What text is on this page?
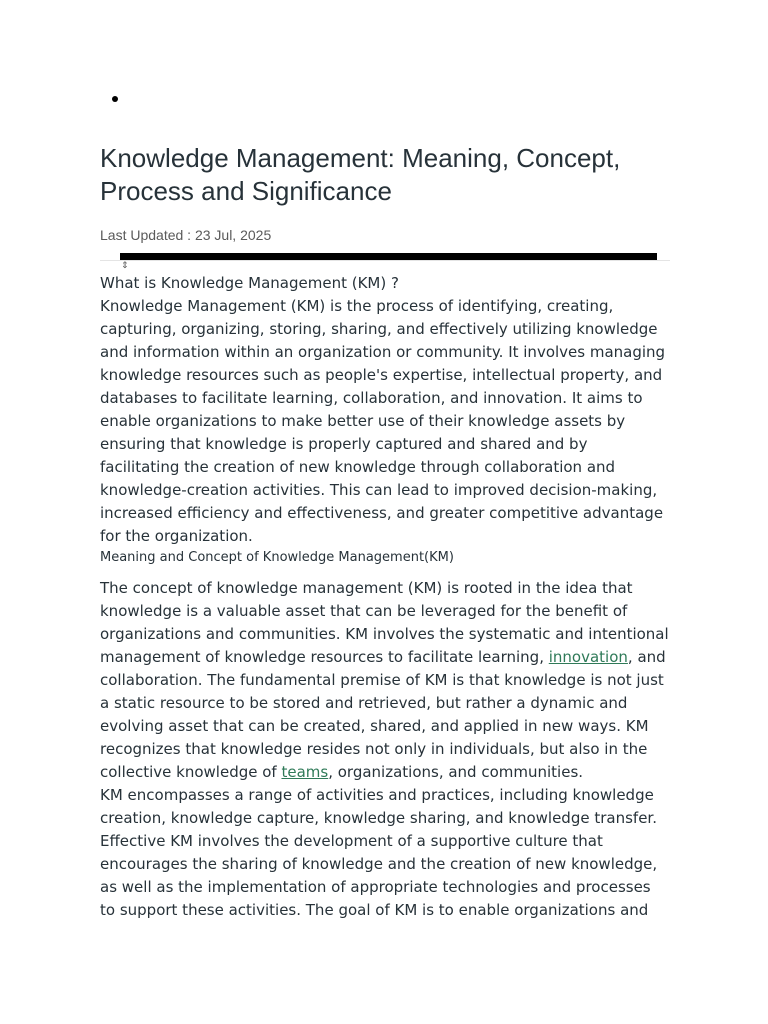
Knowledge Management: Meaning, Concept, Process and Significance
Last Updated : 23 Jul, 2025
⇕
What is Knowledge Management (KM) ?

Knowledge Management (KM) is the process of identifying, creating, capturing, organizing, storing, sharing, and effectively utilizing knowledge and information within an organization or community. It involves managing knowledge resources such as people's expertise, intellectual property, and databases to facilitate learning, collaboration, and innovation. It aims to enable organizations to make better use of their knowledge assets by ensuring that knowledge is properly captured and shared and by facilitating the creation of new knowledge through collaboration and knowledge-creation activities. This can lead to improved decision-making, increased efficiency and effectiveness, and greater competitive advantage for the organization.

Meaning and Concept of Knowledge Management(KM)

The concept of knowledge management (KM) is rooted in the idea that knowledge is a valuable asset that can be leveraged for the benefit of organizations and communities. KM involves the systematic and intentional management of knowledge resources to facilitate learning, innovation, and collaboration. The fundamental premise of KM is that knowledge is not just a static resource to be stored and retrieved, but rather a dynamic and evolving asset that can be created, shared, and applied in new ways. KM recognizes that knowledge resides not only in individuals, but also in the collective knowledge of teams, organizations, and communities.

KM encompasses a range of activities and practices, including knowledge creation, knowledge capture, knowledge sharing, and knowledge transfer. Effective KM involves the development of a supportive culture that encourages the sharing of knowledge and the creation of new knowledge, as well as the implementation of appropriate technologies and processes to support these activities. The goal of KM is to enable organizations and
